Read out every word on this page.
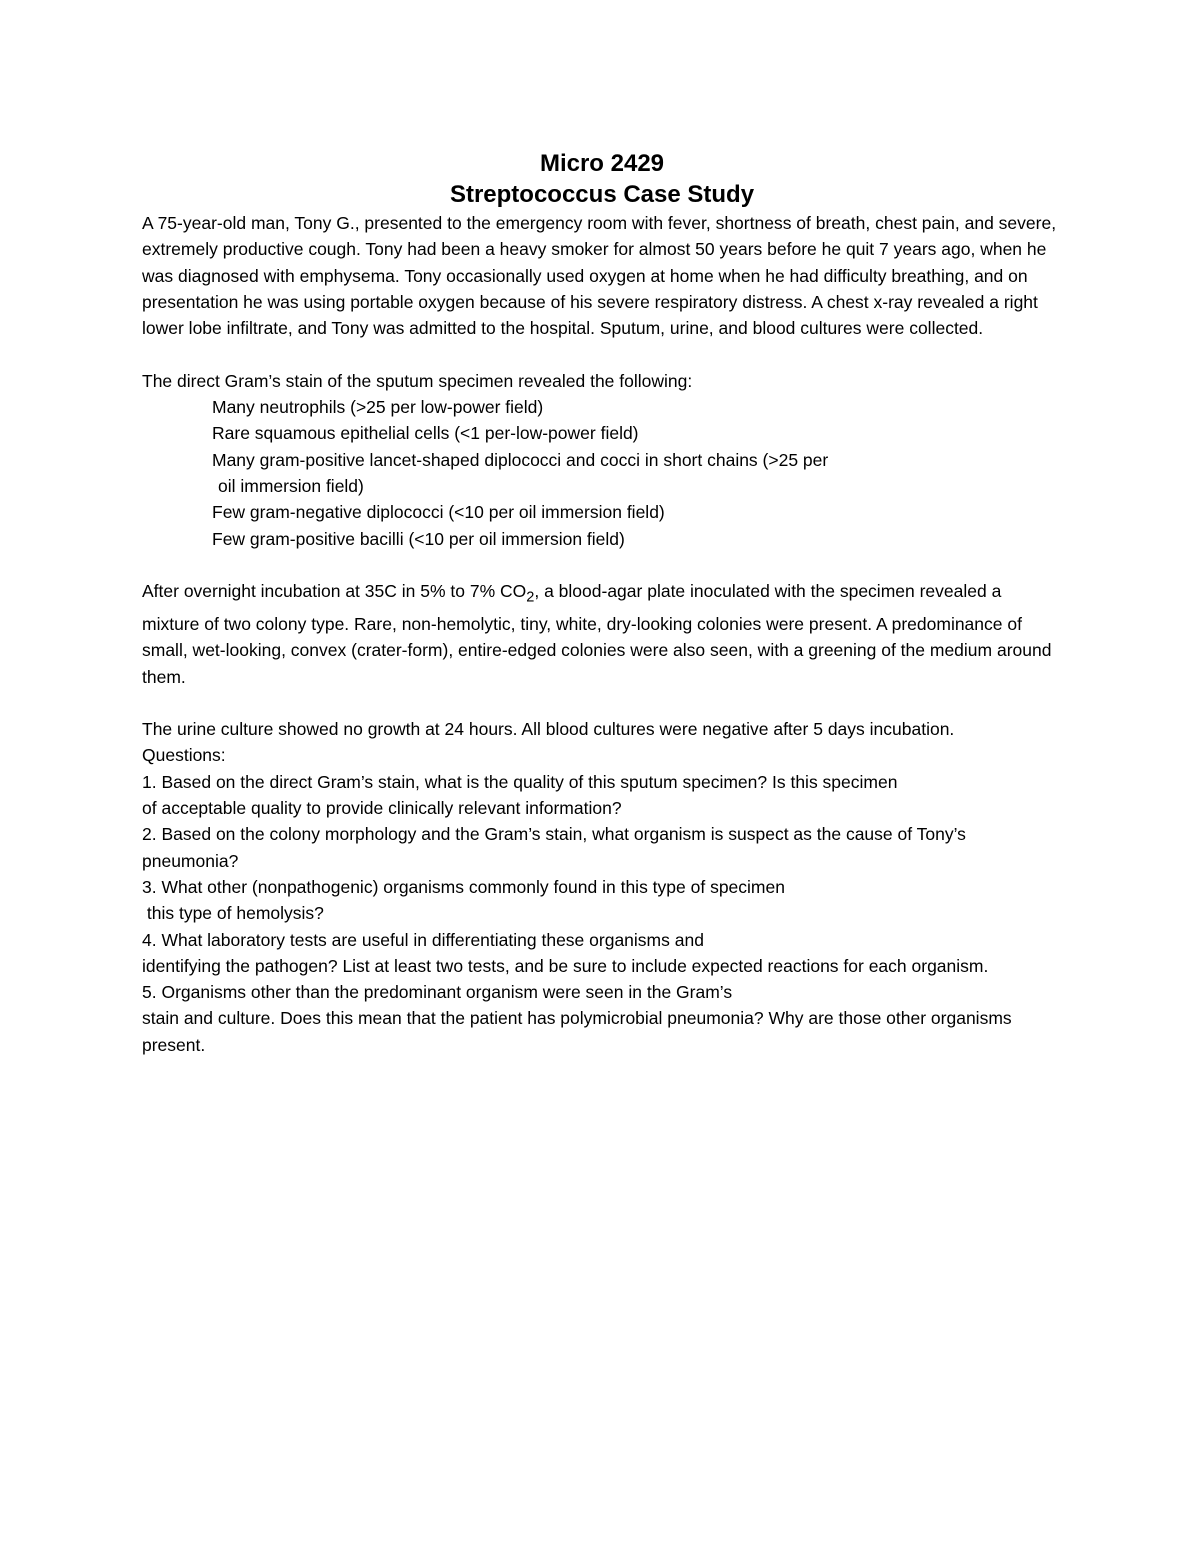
Micro 2429
Streptococcus Case Study

A 75-year-old man, Tony G., presented to the emergency room with fever, shortness of breath, chest pain, and severe, extremely productive cough. Tony had been a heavy smoker for almost 50 years before he quit 7 years ago, when he was diagnosed with emphysema. Tony occasionally used oxygen at home when he had difficulty breathing, and on presentation he was using portable oxygen because of his severe respiratory distress. A chest x-ray revealed a right lower lobe infiltrate, and Tony was admitted to the hospital. Sputum, urine, and blood cultures were collected.

The direct Gram’s stain of the sputum specimen revealed the following:

Many neutrophils (>25 per low-power field)
Rare squamous epithelial cells (<1 per-low-power field)
Many gram-positive lancet-shaped diplococci and cocci in short chains (>25 per
oil immersion field)
Few gram-negative diplococci (<10 per oil immersion field)
Few gram-positive bacilli (<10 per oil immersion field)

After overnight incubation at 35C in 5% to 7% $CO_2$, a blood-agar plate inoculated with the specimen revealed a mixture of two colony type. Rare, non-hemolytic, tiny, white, dry-looking colonies were present. A predominance of small, wet-looking, convex (crater-form), entire-edged colonies were also seen, with a greening of the medium around them.

The urine culture showed no growth at 24 hours. All blood cultures were negative after 5 days incubation.

Questions:

1. Based on the direct Gram’s stain, what is the quality of this sputum specimen? Is this specimen

of acceptable quality to provide clinically relevant information?

2. Based on the colony morphology and the Gram’s stain, what organism is suspect as the cause of Tony’s pneumonia?

3. What other (nonpathogenic) organisms commonly found in this type of specimen

this type of hemolysis?

4. What laboratory tests are useful in differentiating these organisms and

identifying the pathogen? List at least two tests, and be sure to include expected reactions for each organism.

5. Organisms other than the predominant organism were seen in the Gram’s

stain and culture. Does this mean that the patient has polymicrobial pneumonia? Why are those other organisms present.
